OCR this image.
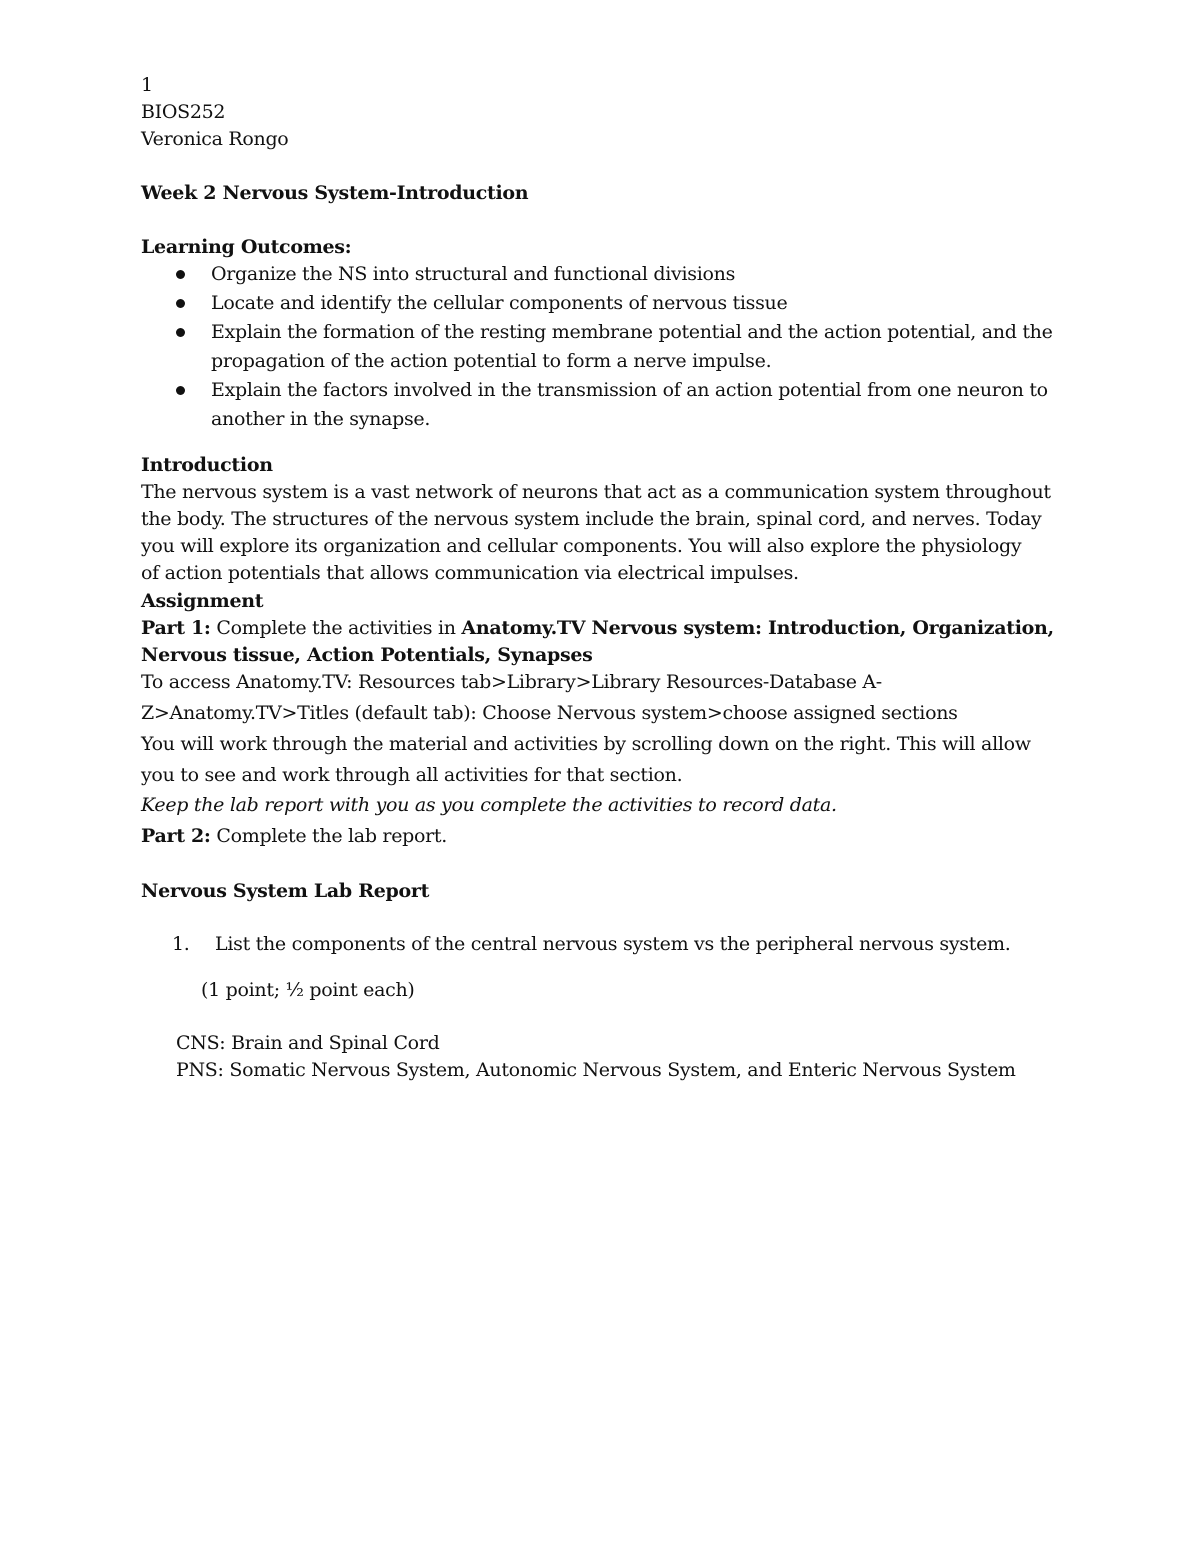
1
BIOS252
Veronica Rongo
Week 2 Nervous System-Introduction
Learning Outcomes:
Organize the NS into structural and functional divisions
Locate and identify the cellular components of nervous tissue
Explain the formation of the resting membrane potential and the action potential, and the
propagation of the action potential to form a nerve impulse.
Explain the factors involved in the transmission of an action potential from one neuron to
another in the synapse.
Introduction
The nervous system is a vast network of neurons that act as a communication system throughout
the body. The structures of the nervous system include the brain, spinal cord, and nerves. Today
you will explore its organization and cellular components. You will also explore the physiology
of action potentials that allows communication via electrical impulses.
Assignment
Part 1: Complete the activities in Anatomy.TV Nervous system: Introduction, Organization,
Nervous tissue, Action Potentials, Synapses
To access Anatomy.TV: Resources tab>Library>Library Resources-Database A-
Z>Anatomy.TV>Titles (default tab): Choose Nervous system>choose assigned sections
You will work through the material and activities by scrolling down on the right. This will allow
you to see and work through all activities for that section.
Keep the lab report with you as you complete the activities to record data.
Part 2: Complete the lab report.
Nervous System Lab Report
1. List the components of the central nervous system vs the peripheral nervous system.
(1 point; ½ point each)
CNS: Brain and Spinal Cord
PNS: Somatic Nervous System, Autonomic Nervous System, and Enteric Nervous System
